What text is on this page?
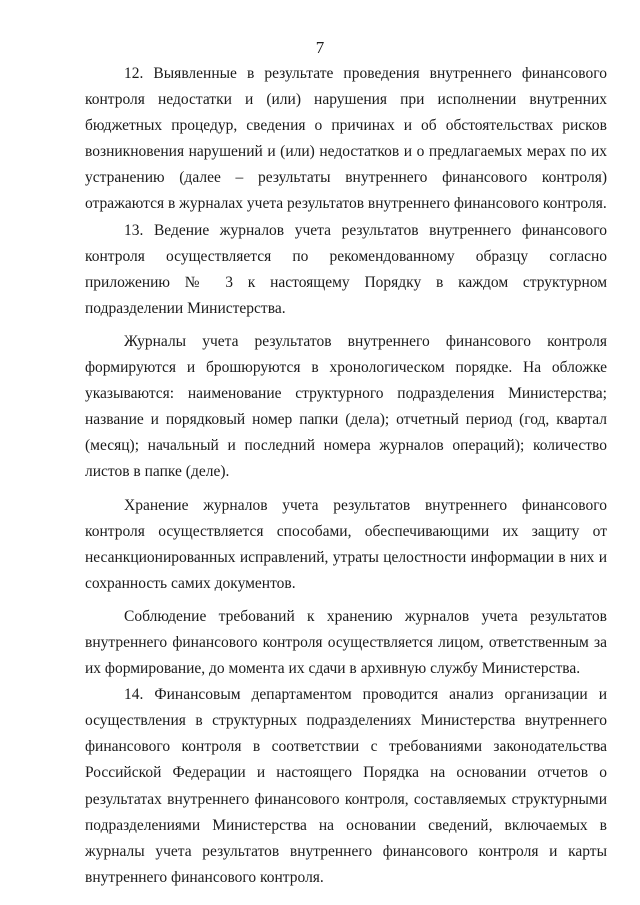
7

12. Выявленные в результате проведения внутреннего финансового контроля недостатки и (или) нарушения при исполнении внутренних бюджетных процедур, сведения о причинах и об обстоятельствах рисков возникновения нарушений и (или) недостатков и о предлагаемых мерах по их устранению (далее – результаты внутреннего финансового контроля) отражаются в журналах учета результатов внутреннего финансового контроля.

13. Ведение журналов учета результатов внутреннего финансового контроля осуществляется по рекомендованному образцу согласно приложению № 3 к настоящему Порядку в каждом структурном подразделении Министерства.

Журналы учета результатов внутреннего финансового контроля формируются и брошюруются в хронологическом порядке. На обложке указываются: наименование структурного подразделения Министерства; название и порядковый номер папки (дела); отчетный период (год, квартал (месяц); начальный и последний номера журналов операций); количество листов в папке (деле).

Хранение журналов учета результатов внутреннего финансового контроля осуществляется способами, обеспечивающими их защиту от несанкционированных исправлений, утраты целостности информации в них и сохранность самих документов.

Соблюдение требований к хранению журналов учета результатов внутреннего финансового контроля осуществляется лицом, ответственным за их формирование, до момента их сдачи в архивную службу Министерства.

14. Финансовым департаментом проводится анализ организации и осуществления в структурных подразделениях Министерства внутреннего финансового контроля в соответствии с требованиями законодательства Российской Федерации и настоящего Порядка на основании отчетов о результатах внутреннего финансового контроля, составляемых структурными подразделениями Министерства на основании сведений, включаемых в журналы учета результатов внутреннего финансового контроля и карты внутреннего финансового контроля.
